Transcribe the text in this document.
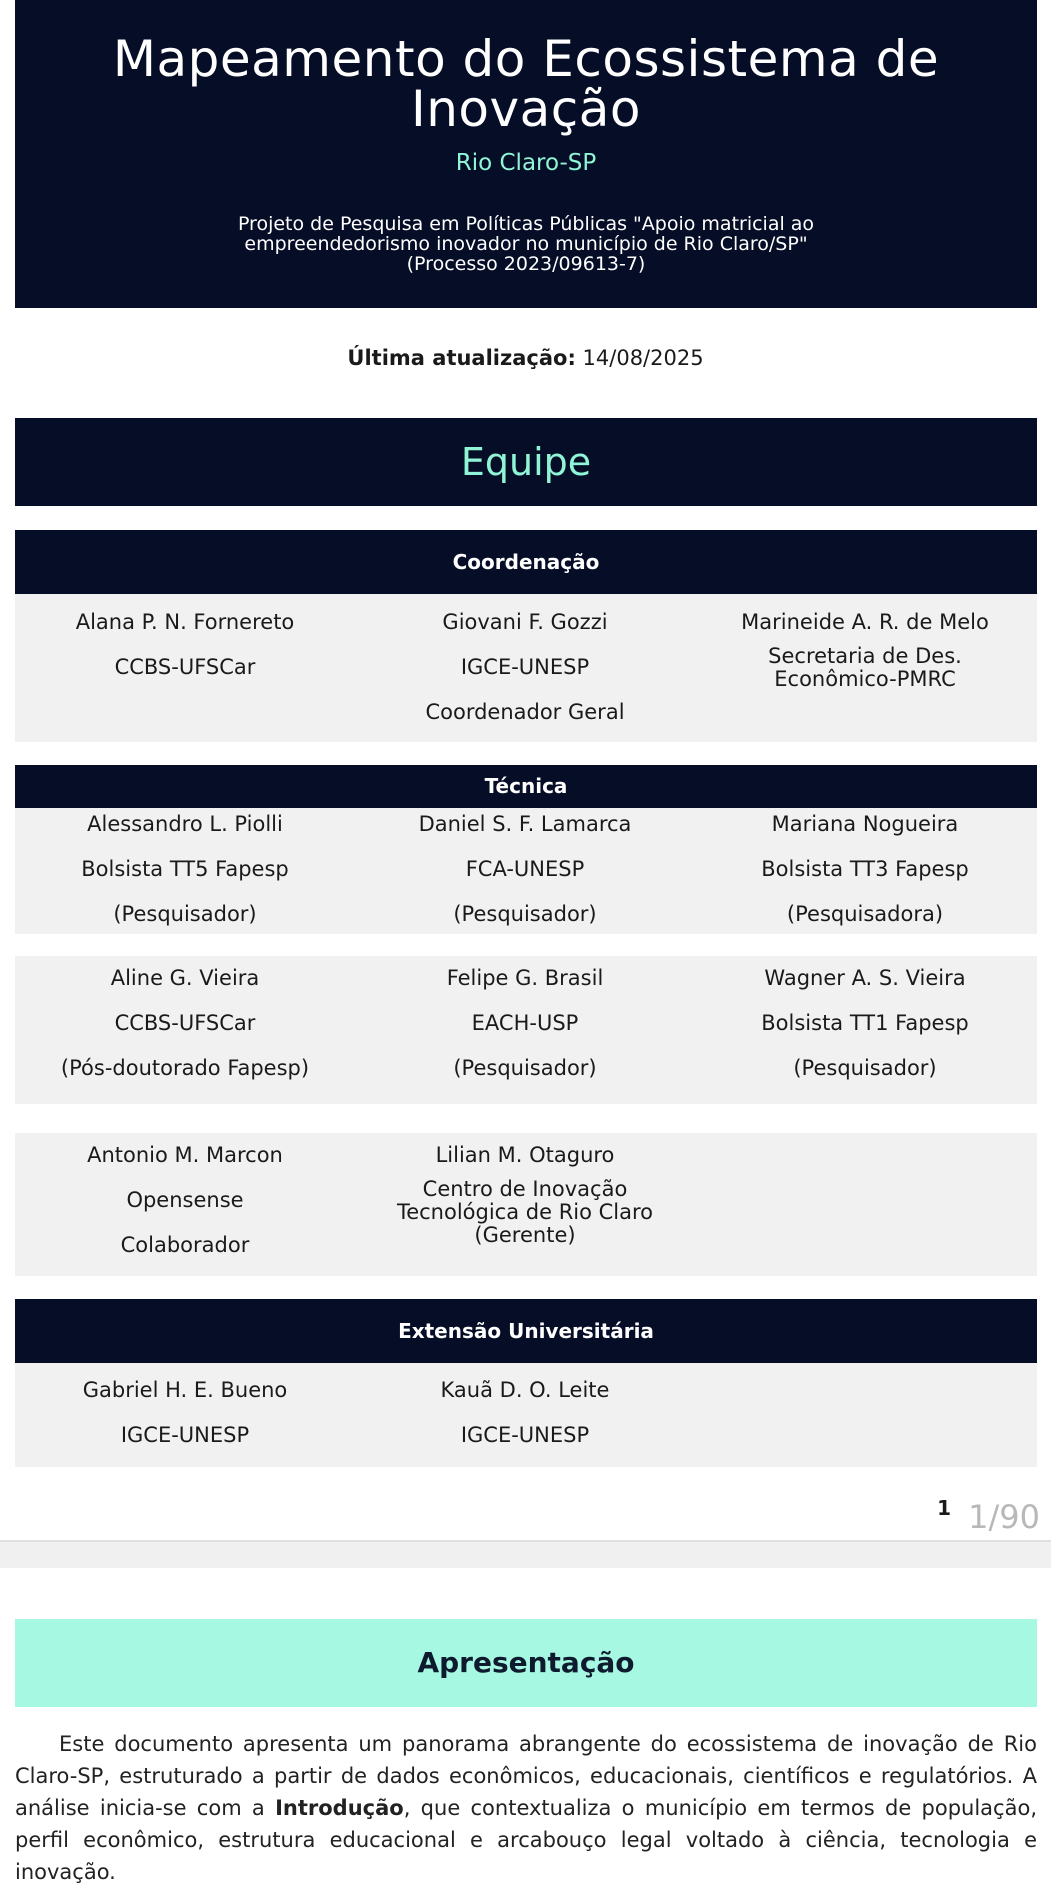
Mapeamento do Ecossistema de Inovação
Rio Claro-SP
Projeto de Pesquisa em Políticas Públicas "Apoio matricial ao
empreendedorismo inovador no município de Rio Claro/SP"
(Processo 2023/09613-7)
Última atualização: 14/08/2025
Equipe
Coordenação
Alana P. N. Fornereto
CCBS-UFSCar
Giovani F. Gozzi
IGCE-UNESP
Coordenador Geral
Marineide A. R. de Melo
Secretaria de Des. Econômico-PMRC
Técnica
Alessandro L. Piolli
Bolsista TT5 Fapesp
(Pesquisador)
Daniel S. F. Lamarca
FCA-UNESP
(Pesquisador)
Mariana Nogueira
Bolsista TT3 Fapesp
(Pesquisadora)
Aline G. Vieira
CCBS-UFSCar
(Pós-doutorado Fapesp)
Felipe G. Brasil
EACH-USP
(Pesquisador)
Wagner A. S. Vieira
Bolsista TT1 Fapesp
(Pesquisador)
Antonio M. Marcon
Opensense
Colaborador
Lilian M. Otaguro
Centro de Inovação Tecnológica de Rio Claro (Gerente)
Extensão Universitária
Gabriel H. E. Bueno
IGCE-UNESP
Kauã D. O. Leite
IGCE-UNESP
1 1/90
Apresentação

Este documento apresenta um panorama abrangente do ecossistema de inovação de Rio Claro-SP, estruturado a partir de dados econômicos, educacionais, científicos e regulatórios. A análise inicia-se com a Introdução, que contextualiza o município em termos de população, perfil econômico, estrutura educacional e arcabouço legal voltado à ciência, tecnologia e inovação.
